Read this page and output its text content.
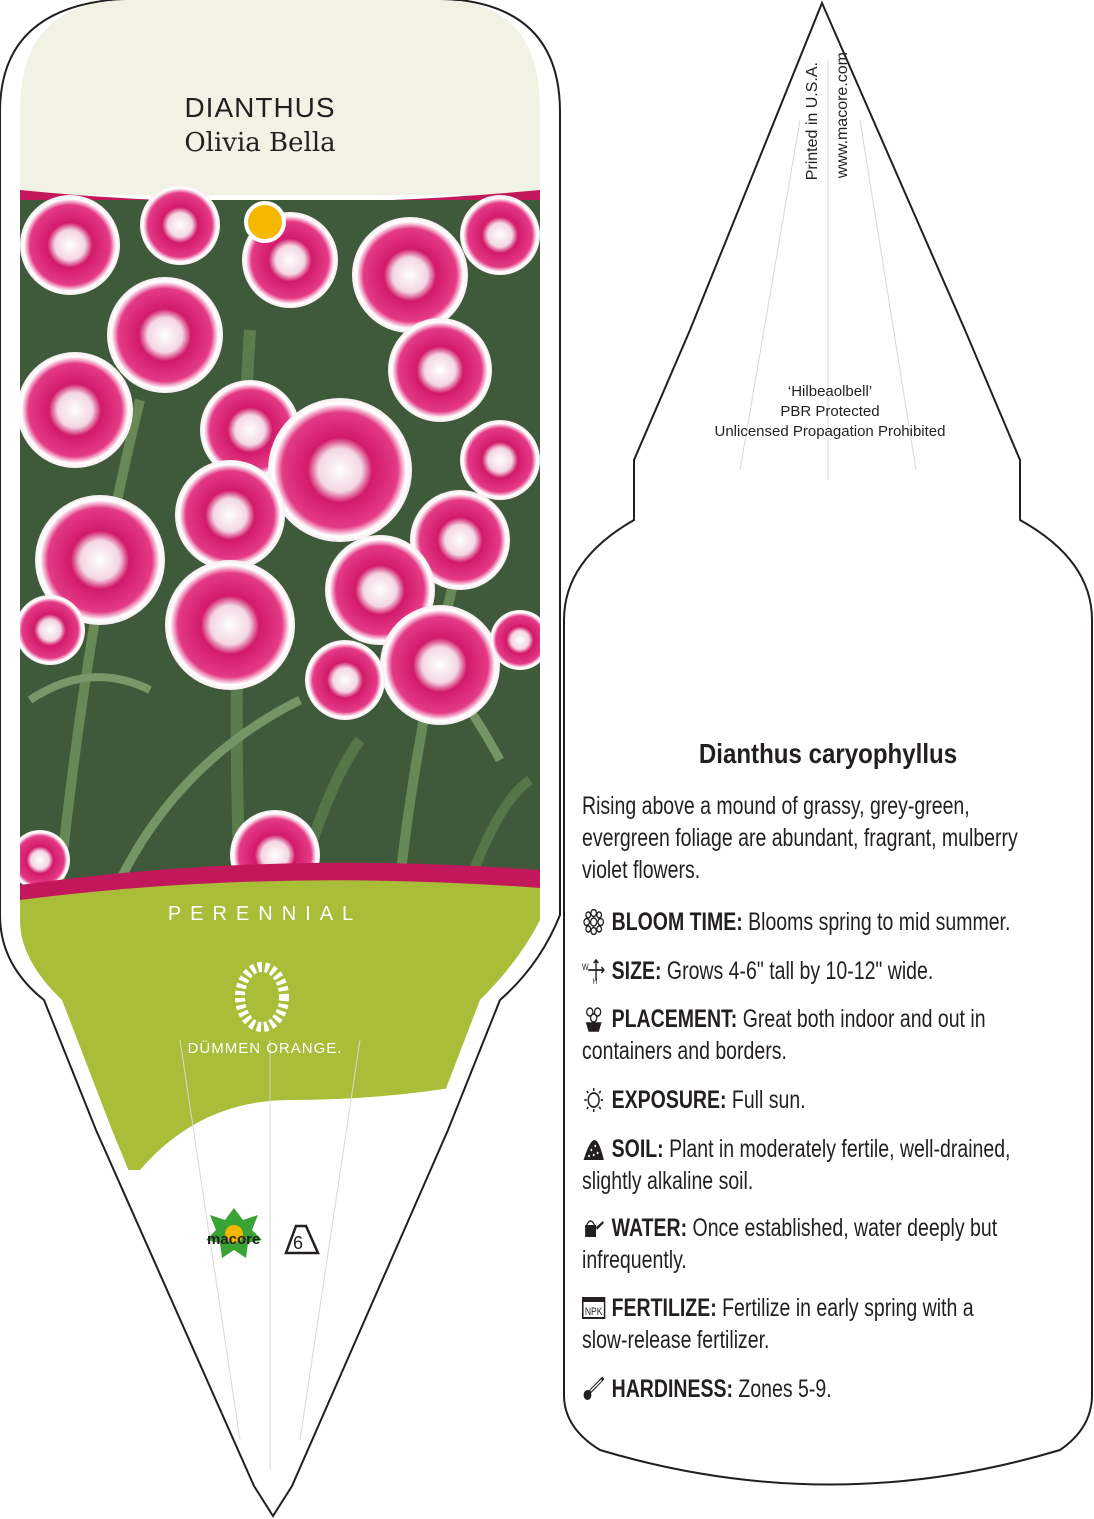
DIANTHUS
Olivia Bella
PERENNIAL
DÜMMEN ORANGE.
macore 6
Printed in U.S.A. www.macore.com
‘Hilbeaolbell’
PBR Protected
Unlicensed Propagation Prohibited
Dianthus caryophyllus
Rising above a mound of grassy, grey-green,
evergreen foliage are abundant, fragrant, mulberry
violet flowers.
BLOOM TIME: Blooms spring to mid summer.
W
H SIZE: Grows 4-6" tall by 10-12" wide.
PLACEMENT: Great both indoor and out in
containers and borders.
EXPOSURE: Full sun.
SOIL: Plant in moderately fertile, well-drained,
slightly alkaline soil.
WATER: Once established, water deeply but
infrequently.
NPK FERTILIZE: Fertilize in early spring with a
slow-release fertilizer.
HARDINESS: Zones 5-9.
